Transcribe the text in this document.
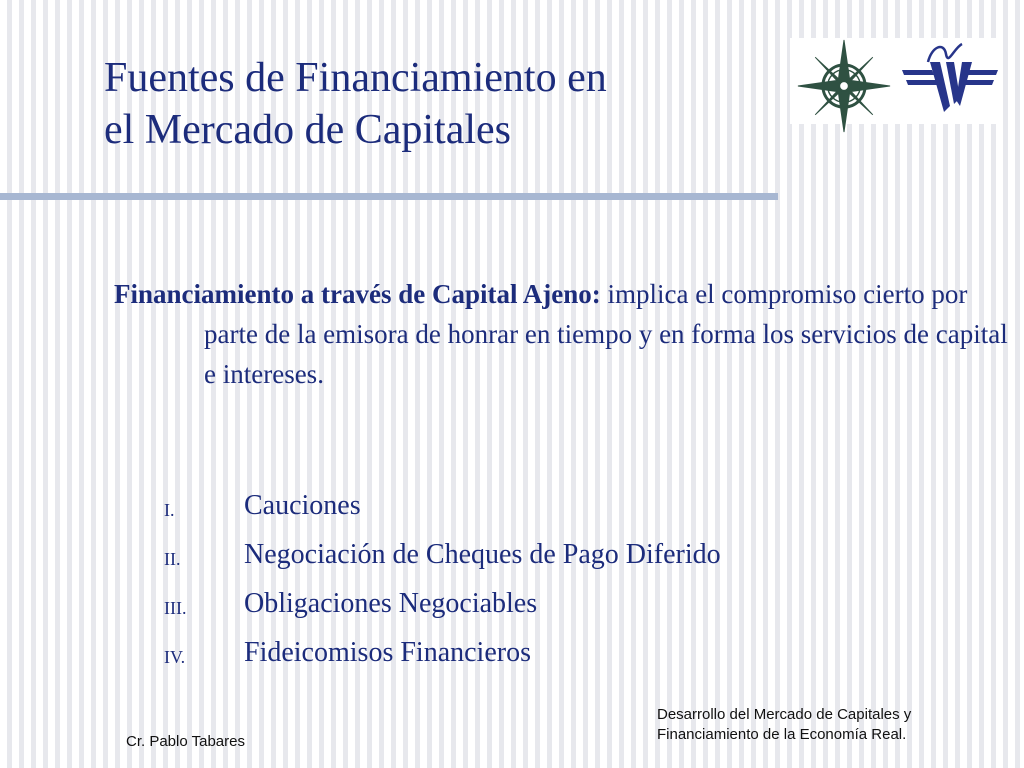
Fuentes de Financiamiento en
el Mercado de Capitales

Financiamiento a través de Capital Ajeno: implica el compromiso cierto por parte de la emisora de honrar en tiempo y en forma los servicios de capital e intereses.

I. Cauciones
II. Negociación de Cheques de Pago Diferido
III. Obligaciones Negociables
IV. Fideicomisos Financieros
Cr. Pablo Tabares
Desarrollo del Mercado de Capitales y
Financiamiento de la Economía Real.
